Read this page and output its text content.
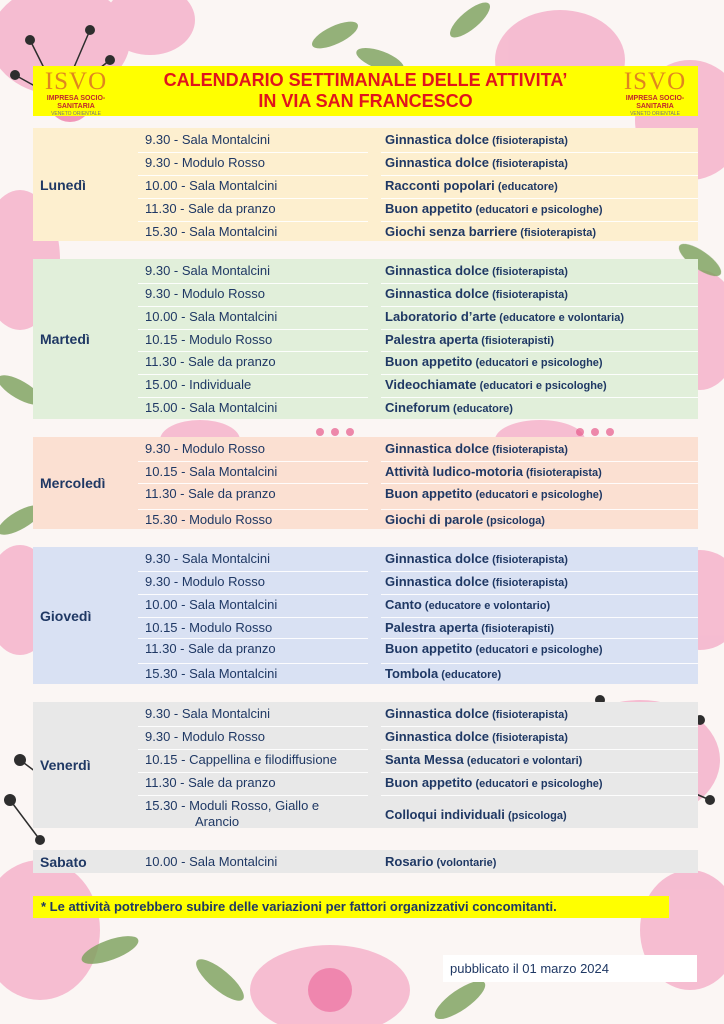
ISVO
IMPRESA SOCIO-SANITARIA
VENETO ORIENTALE
CALENDARIO SETTIMANALE DELLE ATTIVITA’
IN VIA SAN FRANCESCO
ISVO
IMPRESA SOCIO-SANITARIA
VENETO ORIENTALE
Lunedì
9.30 - Sala Montalcini	Ginnastica dolce (fisioterapista)
9.30 - Modulo Rosso	Ginnastica dolce (fisioterapista)
10.00 - Sala Montalcini	Racconti popolari (educatore)
11.30 - Sale da pranzo	Buon appetito (educatori e psicologhe)
15.30 - Sala Montalcini	Giochi senza barriere (fisioterapista)
Martedì
9.30 - Sala Montalcini	Ginnastica dolce (fisioterapista)
9.30 - Modulo Rosso	Ginnastica dolce (fisioterapista)
10.00 - Sala Montalcini	Laboratorio d’arte (educatore e volontaria)
10.15 - Modulo Rosso	Palestra aperta (fisioterapisti)
11.30 - Sale da pranzo	Buon appetito (educatori e psicologhe)
15.00 - Individuale	Videochiamate (educatori e psicologhe)
15.00 - Sala Montalcini	Cineforum (educatore)
Mercoledì
9.30 - Modulo Rosso	Ginnastica dolce (fisioterapista)
10.15 - Sala Montalcini	Attività ludico-motoria (fisioterapista)
11.30 - Sale da pranzo	Buon appetito (educatori e psicologhe)
15.30 - Modulo Rosso	Giochi di parole (psicologa)
Giovedì
9.30 - Sala Montalcini	Ginnastica dolce (fisioterapista)
9.30 - Modulo Rosso	Ginnastica dolce (fisioterapista)
10.00 - Sala Montalcini	Canto (educatore e volontario)
10.15 - Modulo Rosso	Palestra aperta (fisioterapisti)
11.30 - Sale da pranzo	Buon appetito (educatori e psicologhe)
15.30 - Sala Montalcini	Tombola (educatore)
Venerdì
9.30 - Sala Montalcini	Ginnastica dolce (fisioterapista)
9.30 - Modulo Rosso	Ginnastica dolce (fisioterapista)
10.15 - Cappellina e filodiffusione	Santa Messa (educatori e volontari)
11.30 - Sale da pranzo	Buon appetito (educatori e psicologhe)
15.30 - Moduli Rosso, Giallo e
Arancio	Colloqui individuali (psicologa)
Sabato	10.00 - Sala Montalcini	Rosario (volontarie)
* Le attività potrebbero subire delle variazioni per fattori organizzativi concomitanti.
pubblicato il 01 marzo 2024
